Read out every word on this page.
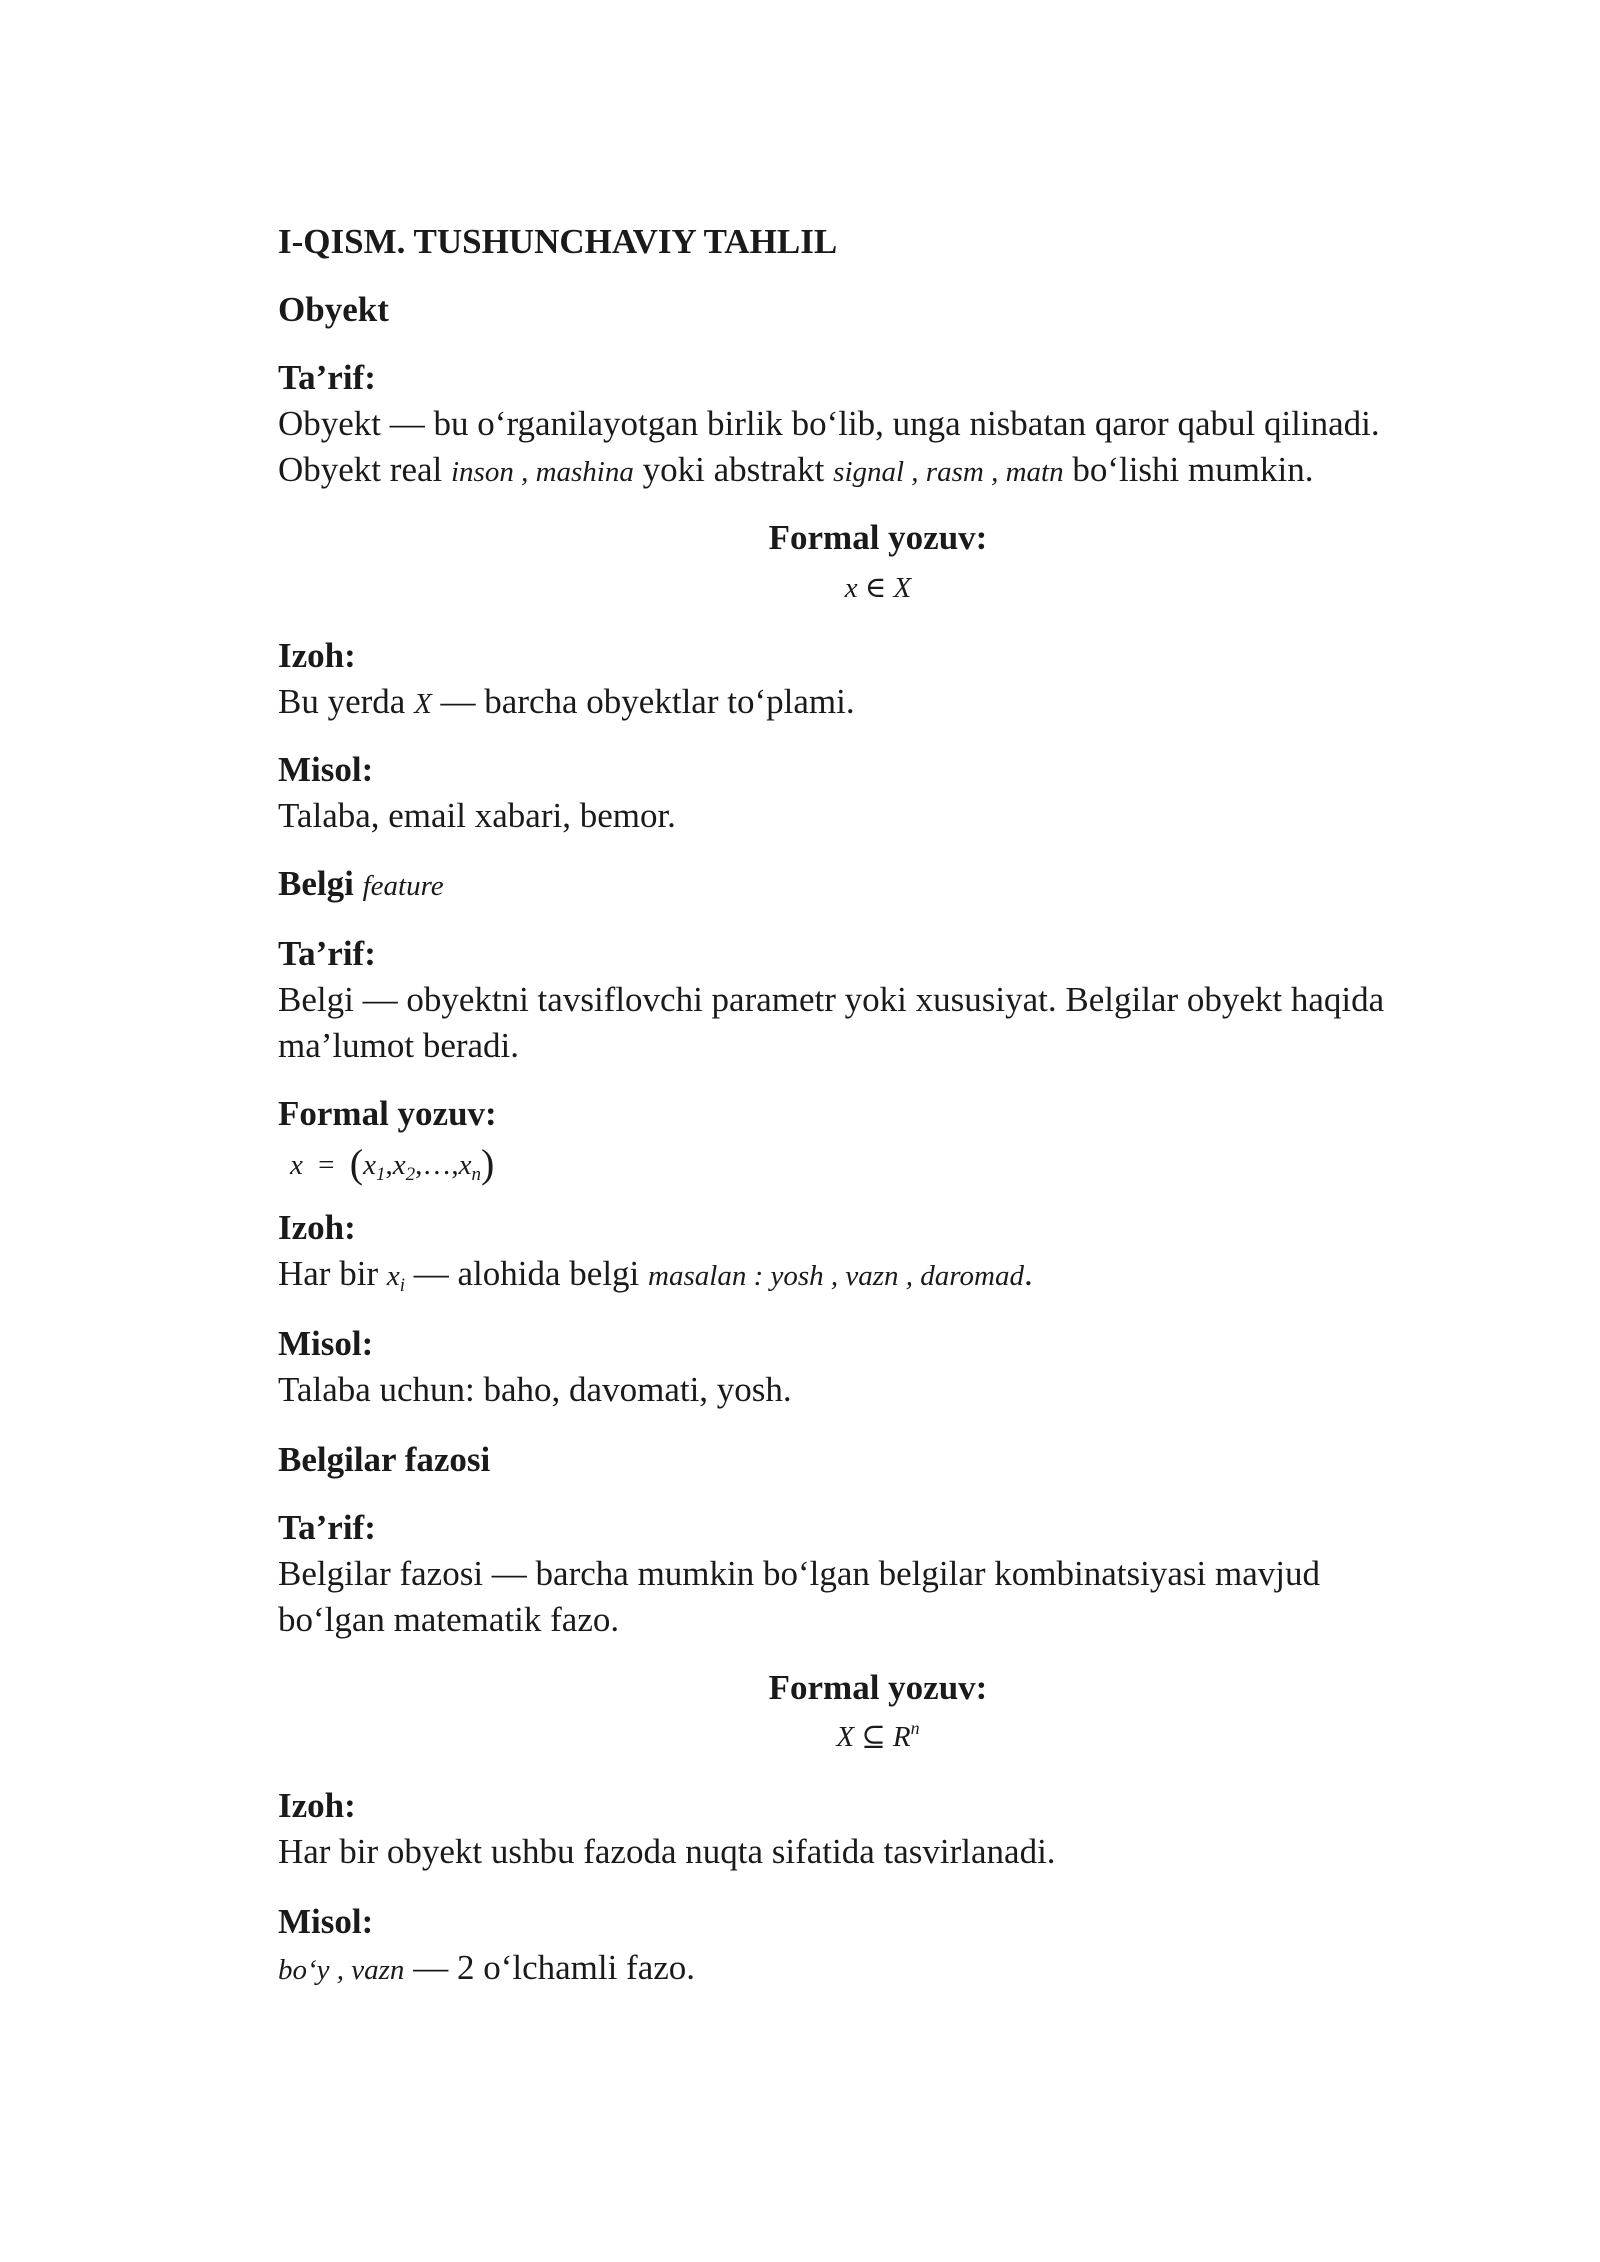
I-QISM. TUSHUNCHAVIY TAHLIL
Obyekt
Ta’rif:
Obyekt — bu o‘rganilayotgan birlik bo‘lib, unga nisbatan qaror qabul qilinadi.
Obyekt real inson , mashina yoki abstrakt signal , rasm , matn bo‘lishi mumkin.
Formal yozuv:
x ∈ X
Izoh:
Bu yerda X — barcha obyektlar to‘plami.
Misol:
Talaba, email xabari, bemor.
Belgi feature
Ta’rif:
Belgi — obyektni tavsiflovchi parametr yoki xususiyat. Belgilar obyekt haqida
ma’lumot beradi.
Formal yozuv:
$x = (x_1,x_2,\dots,x_n)$
Izoh:
Har bir $x_i$ — alohida belgi masalan : yosh , vazn , daromad.
Misol:
Talaba uchun: baho, davomati, yosh.
Belgilar fazosi
Ta’rif:
Belgilar fazosi — barcha mumkin bo‘lgan belgilar kombinatsiyasi mavjud
bo‘lgan matematik fazo.
Formal yozuv:
X ⊆ $R^n$
Izoh:
Har bir obyekt ushbu fazoda nuqta sifatida tasvirlanadi.
Misol:
bo‘y , vazn — 2 o‘lchamli fazo.
